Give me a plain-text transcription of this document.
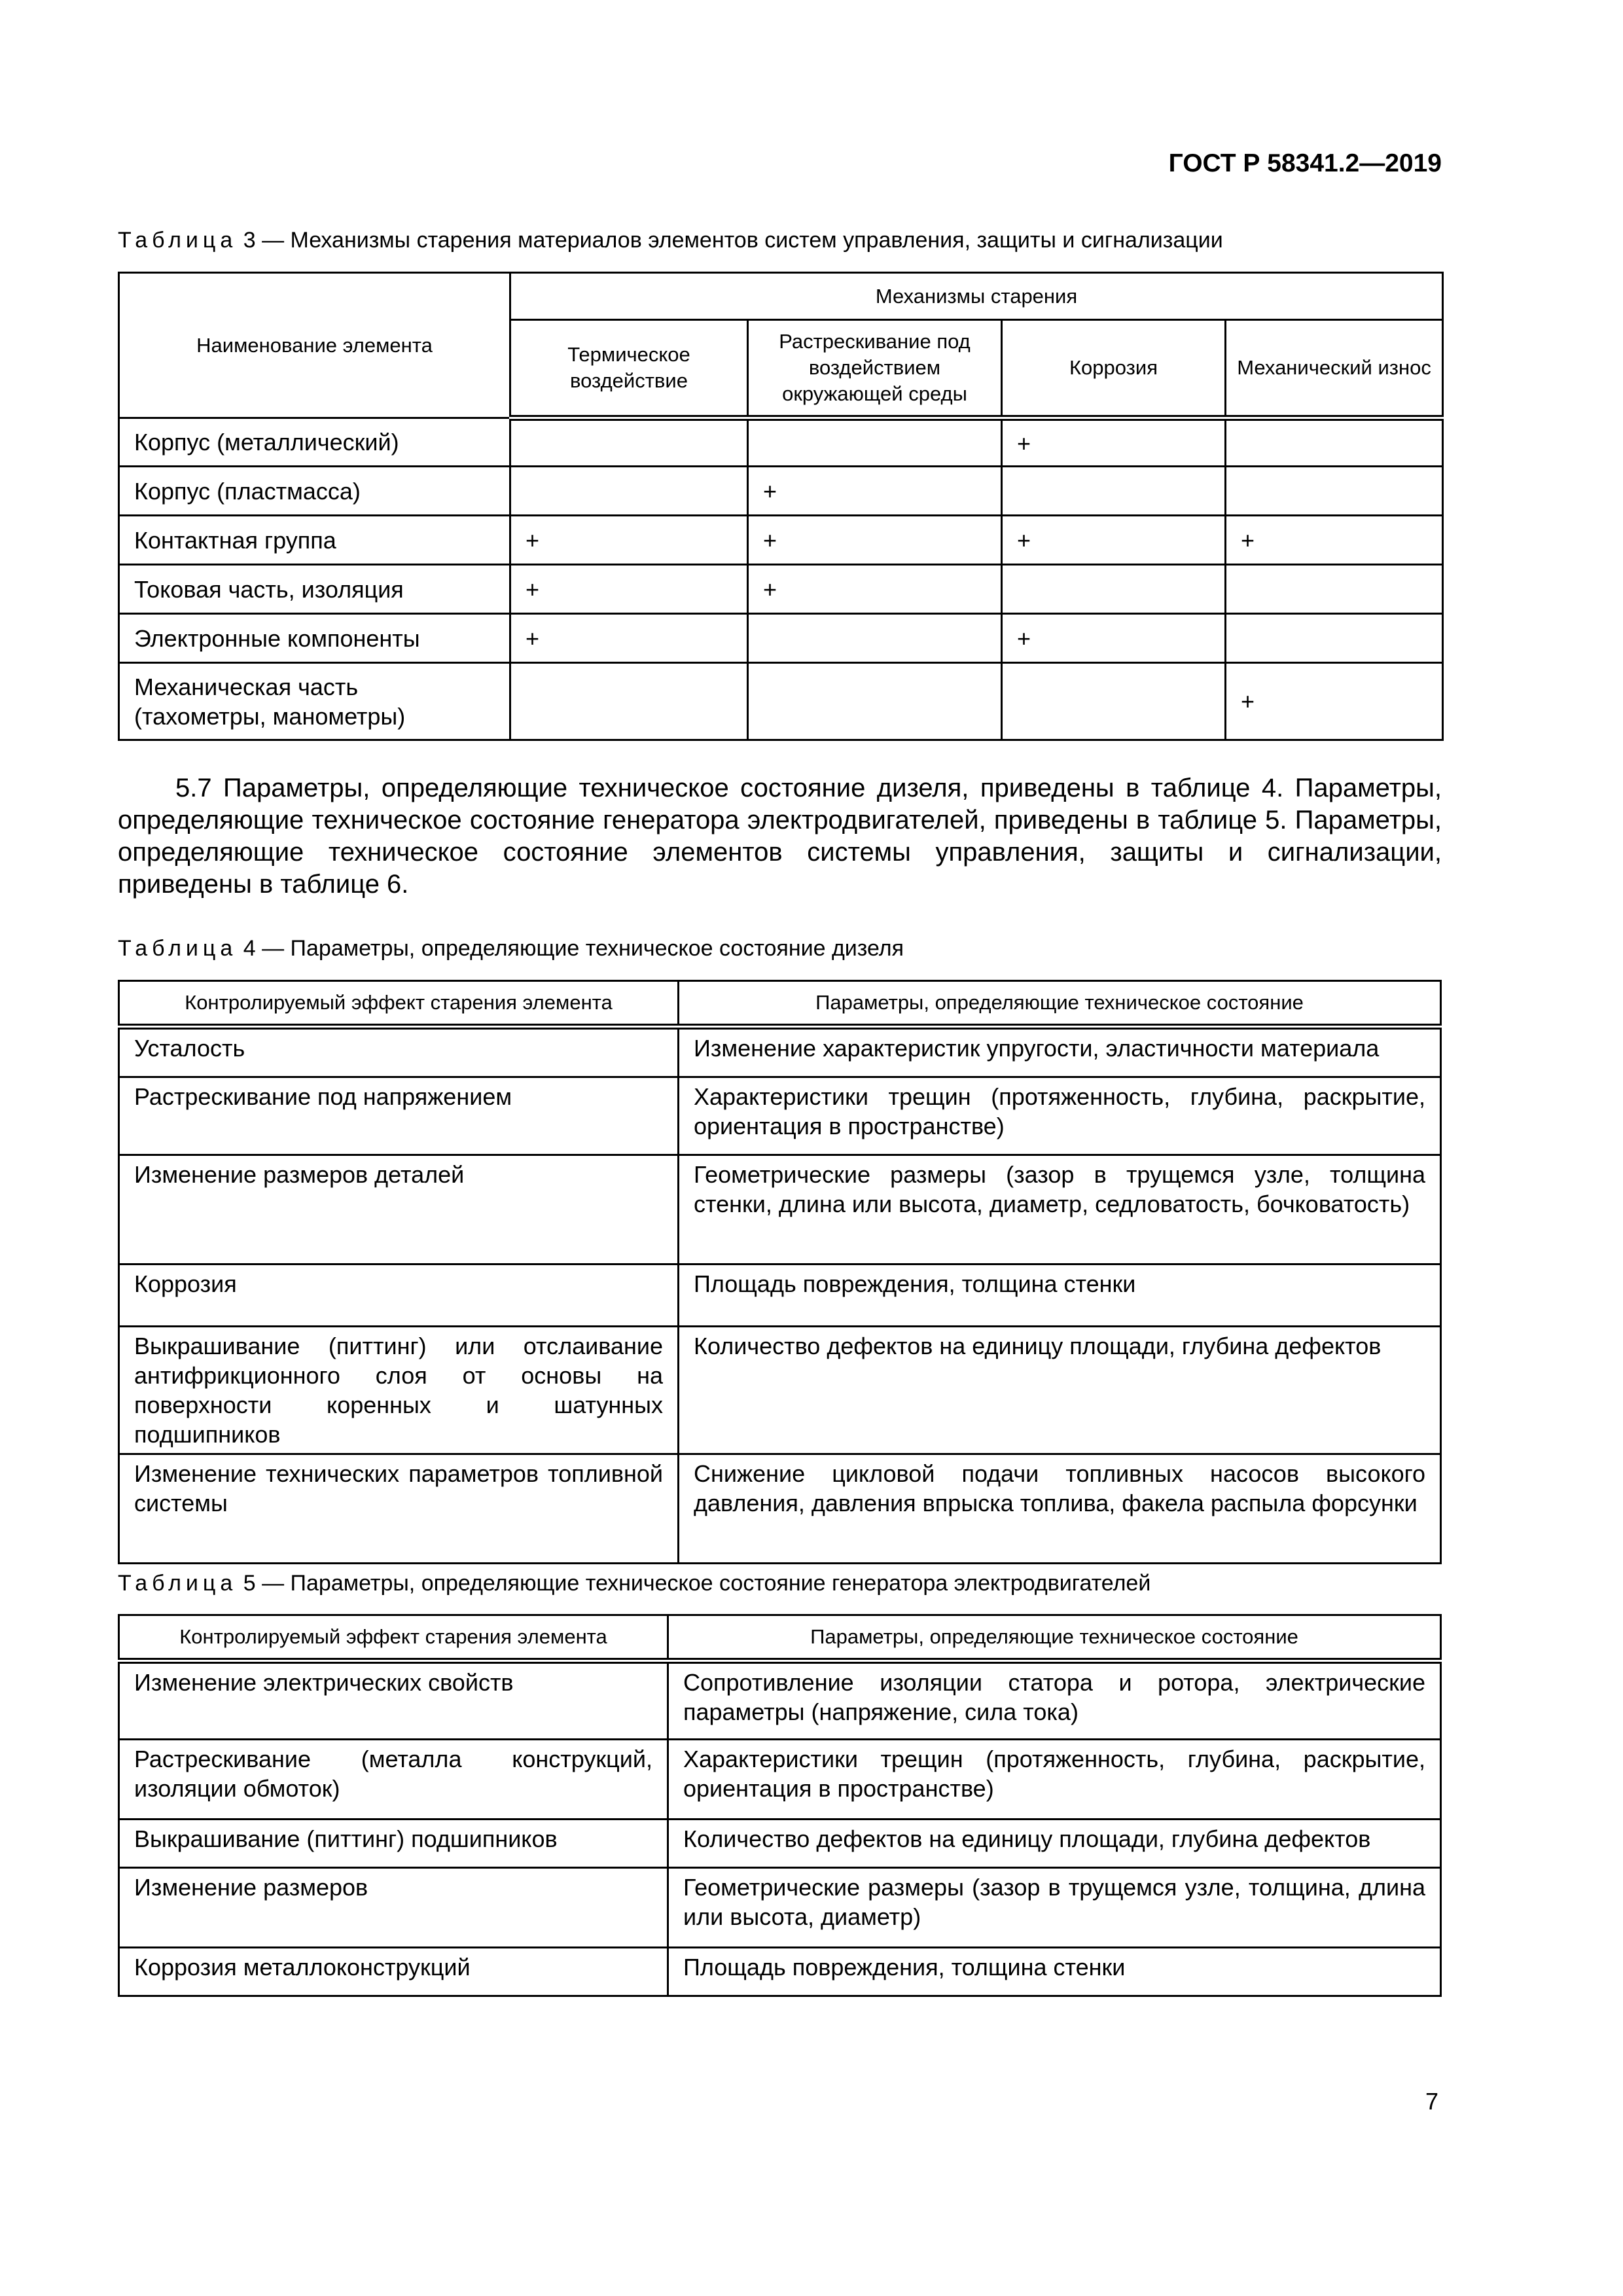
ГОСТ Р 58341.2—2019
Таблица 3 — Механизмы старения материалов элементов систем управления, защиты и сигнализации
Наименование элемента	Механизмы старения			
	Термическое воздействие	Растрескивание под воздействием окружающей среды	Коррозия	Механический износ
Корпус (металлический)			+	
Корпус (пластмасса)		+		
Контактная группа	+	+	+	+
Токовая часть, изоляция	+	+		
Электронные компоненты	+		+	
Механическая часть (тахометры, манометры)				+
5.7 Параметры, определяющие техническое состояние дизеля, приведены в таблице 4. Параметры, определяющие техническое состояние генератора электродвигателей, приведены в таблице 5. Параметры, определяющие техническое состояние элементов системы управления, защиты и сигнализации, приведены в таблице 6.
Таблица 4 — Параметры, определяющие техническое состояние дизеля
Контролируемый эффект старения элемента	Параметры, определяющие техническое состояние
Усталость	Изменение характеристик упругости, эластичности материала
Растрескивание под напряжением	Характеристики трещин (протяженность, глубина, раскрытие, ориентация в пространстве)
Изменение размеров деталей	Геометрические размеры (зазор в трущемся узле, толщина стенки, длина или высота, диаметр, седловатость, бочковатость)
Коррозия	Площадь повреждения, толщина стенки
Выкрашивание (питтинг) или отслаивание антифрикционного слоя от основы на поверхности коренных и шатунных подшипников	Количество дефектов на единицу площади, глубина дефектов
Изменение технических параметров топливной системы	Снижение цикловой подачи топливных насосов высокого давления, давления впрыска топлива, факела распыла форсунки
Таблица 5 — Параметры, определяющие техническое состояние генератора электродвигателей
Контролируемый эффект старения элемента	Параметры, определяющие техническое состояние
Изменение электрических свойств	Сопротивление изоляции статора и ротора, электрические параметры (напряжение, сила тока)
Растрескивание (металла конструкций, изоляции обмоток)	Характеристики трещин (протяженность, глубина, раскрытие, ориентация в пространстве)
Выкрашивание (питтинг) подшипников	Количество дефектов на единицу площади, глубина дефектов
Изменение размеров	Геометрические размеры (зазор в трущемся узле, толщина, длина или высота, диаметр)
Коррозия металлоконструкций	Площадь повреждения, толщина стенки
7
